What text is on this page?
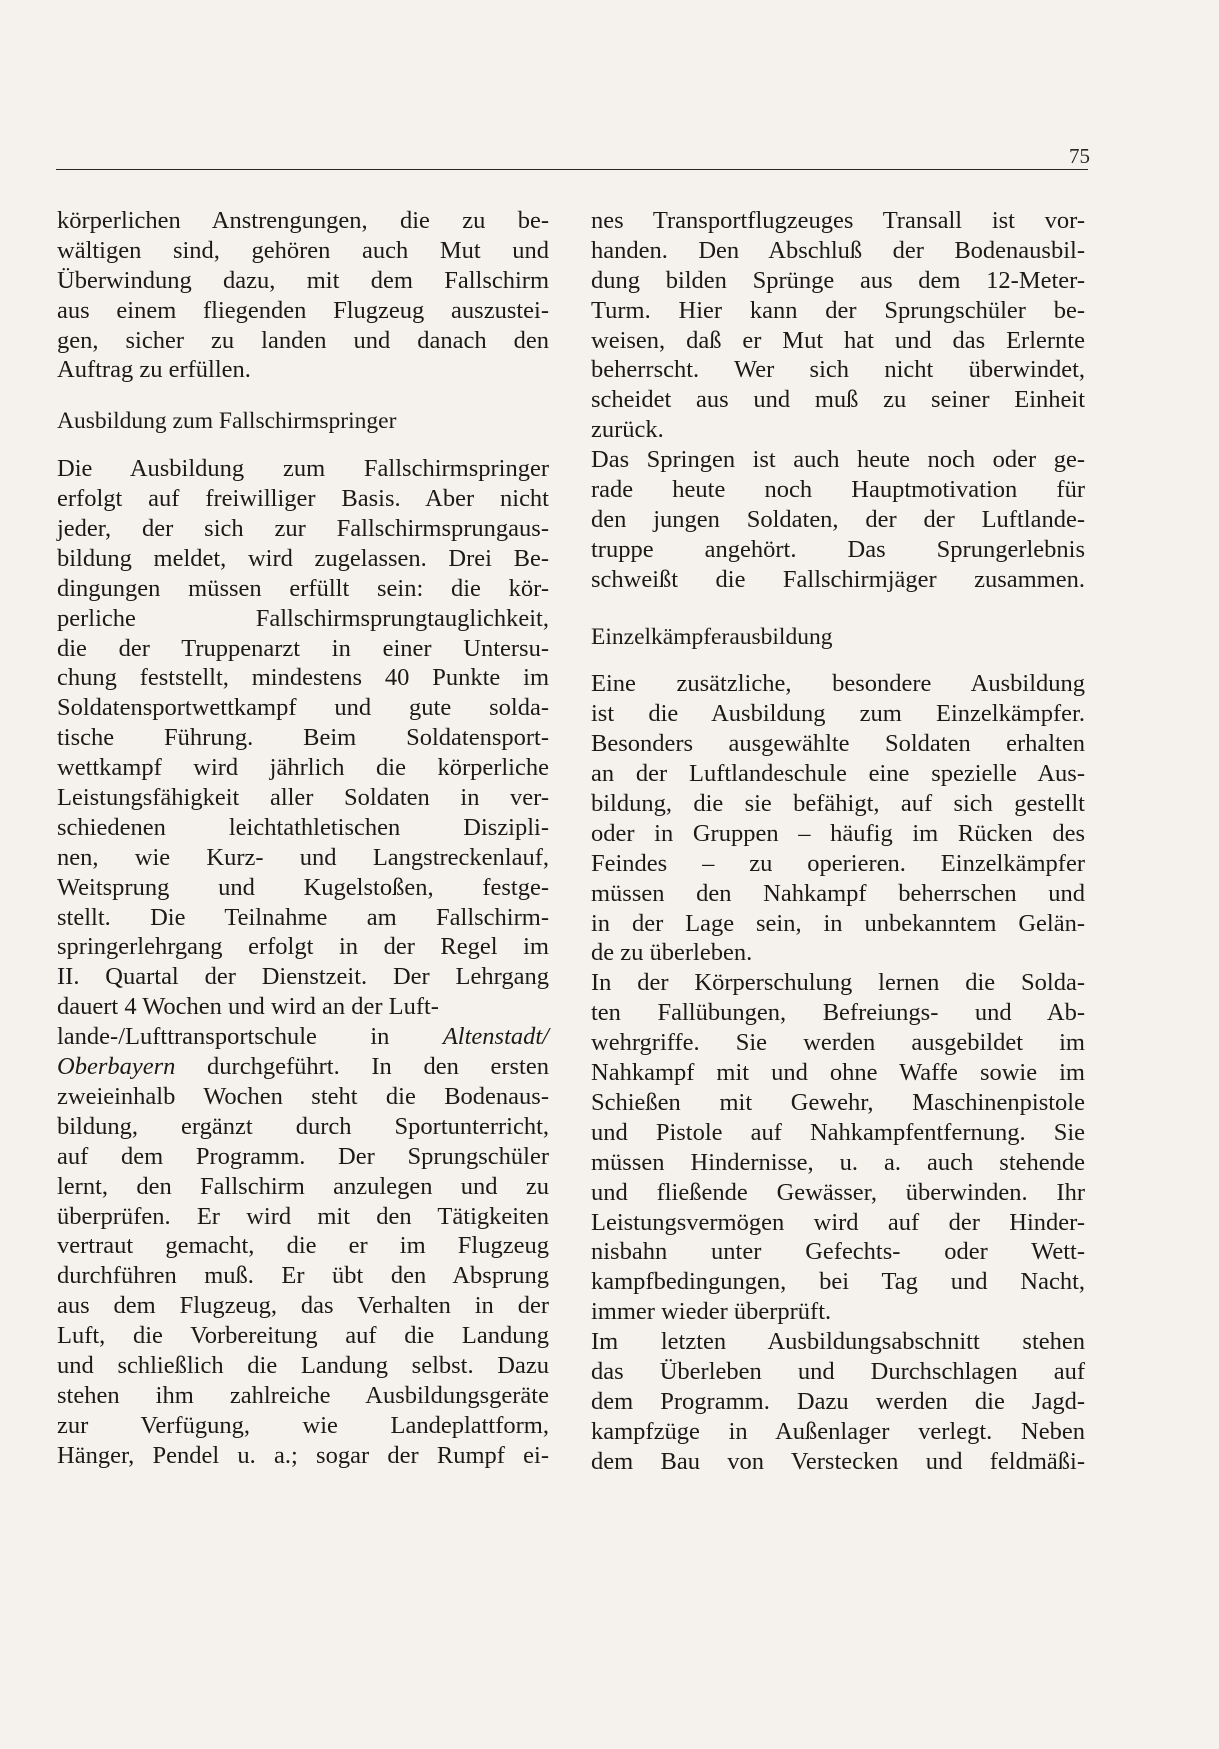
75
körperlichen Anstrengungen, die zu be-
wältigen sind, gehören auch Mut und
Überwindung dazu, mit dem Fallschirm
aus einem fliegenden Flugzeug auszustei-
gen, sicher zu landen und danach den
Auftrag zu erfüllen.
Ausbildung zum Fallschirmspringer
Die Ausbildung zum Fallschirmspringer
erfolgt auf freiwilliger Basis. Aber nicht
jeder, der sich zur Fallschirmsprungaus-
bildung meldet, wird zugelassen. Drei Be-
dingungen müssen erfüllt sein: die kör-
perliche Fallschirmsprungtauglichkeit,
die der Truppenarzt in einer Untersu-
chung feststellt, mindestens 40 Punkte im
Soldatensportwettkampf und gute solda-
tische Führung. Beim Soldatensport-
wettkampf wird jährlich die körperliche
Leistungsfähigkeit aller Soldaten in ver-
schiedenen leichtathletischen Diszipli-
nen, wie Kurz- und Langstreckenlauf,
Weitsprung und Kugelstoßen, festge-
stellt. Die Teilnahme am Fallschirm-
springerlehrgang erfolgt in der Regel im
II. Quartal der Dienstzeit. Der Lehrgang
dauert 4 Wochen und wird an der Luft-
lande-/Lufttransportschule in Altenstadt/
Oberbayern durchgeführt. In den ersten
zweieinhalb Wochen steht die Bodenaus-
bildung, ergänzt durch Sportunterricht,
auf dem Programm. Der Sprungschüler
lernt, den Fallschirm anzulegen und zu
überprüfen. Er wird mit den Tätigkeiten
vertraut gemacht, die er im Flugzeug
durchführen muß. Er übt den Absprung
aus dem Flugzeug, das Verhalten in der
Luft, die Vorbereitung auf die Landung
und schließlich die Landung selbst. Dazu
stehen ihm zahlreiche Ausbildungsgeräte
zur Verfügung, wie Landeplattform,
Hänger, Pendel u. a.; sogar der Rumpf ei-
nes Transportflugzeuges Transall ist vor-
handen. Den Abschluß der Bodenausbil-
dung bilden Sprünge aus dem 12-Meter-
Turm. Hier kann der Sprungschüler be-
weisen, daß er Mut hat und das Erlernte
beherrscht. Wer sich nicht überwindet,
scheidet aus und muß zu seiner Einheit
zurück.
Das Springen ist auch heute noch oder ge-
rade heute noch Hauptmotivation für
den jungen Soldaten, der der Luftlande-
truppe angehört. Das Sprungerlebnis
schweißt die Fallschirmjäger zusammen.
Einzelkämpferausbildung
Eine zusätzliche, besondere Ausbildung
ist die Ausbildung zum Einzelkämpfer.
Besonders ausgewählte Soldaten erhalten
an der Luftlandeschule eine spezielle Aus-
bildung, die sie befähigt, auf sich gestellt
oder in Gruppen – häufig im Rücken des
Feindes – zu operieren. Einzelkämpfer
müssen den Nahkampf beherrschen und
in der Lage sein, in unbekanntem Gelän-
de zu überleben.
In der Körperschulung lernen die Solda-
ten Fallübungen, Befreiungs- und Ab-
wehrgriffe. Sie werden ausgebildet im
Nahkampf mit und ohne Waffe sowie im
Schießen mit Gewehr, Maschinenpistole
und Pistole auf Nahkampfentfernung. Sie
müssen Hindernisse, u. a. auch stehende
und fließende Gewässer, überwinden. Ihr
Leistungsvermögen wird auf der Hinder-
nisbahn unter Gefechts- oder Wett-
kampfbedingungen, bei Tag und Nacht,
immer wieder überprüft.
Im letzten Ausbildungsabschnitt stehen
das Überleben und Durchschlagen auf
dem Programm. Dazu werden die Jagd-
kampfzüge in Außenlager verlegt. Neben
dem Bau von Verstecken und feldmäßi-
